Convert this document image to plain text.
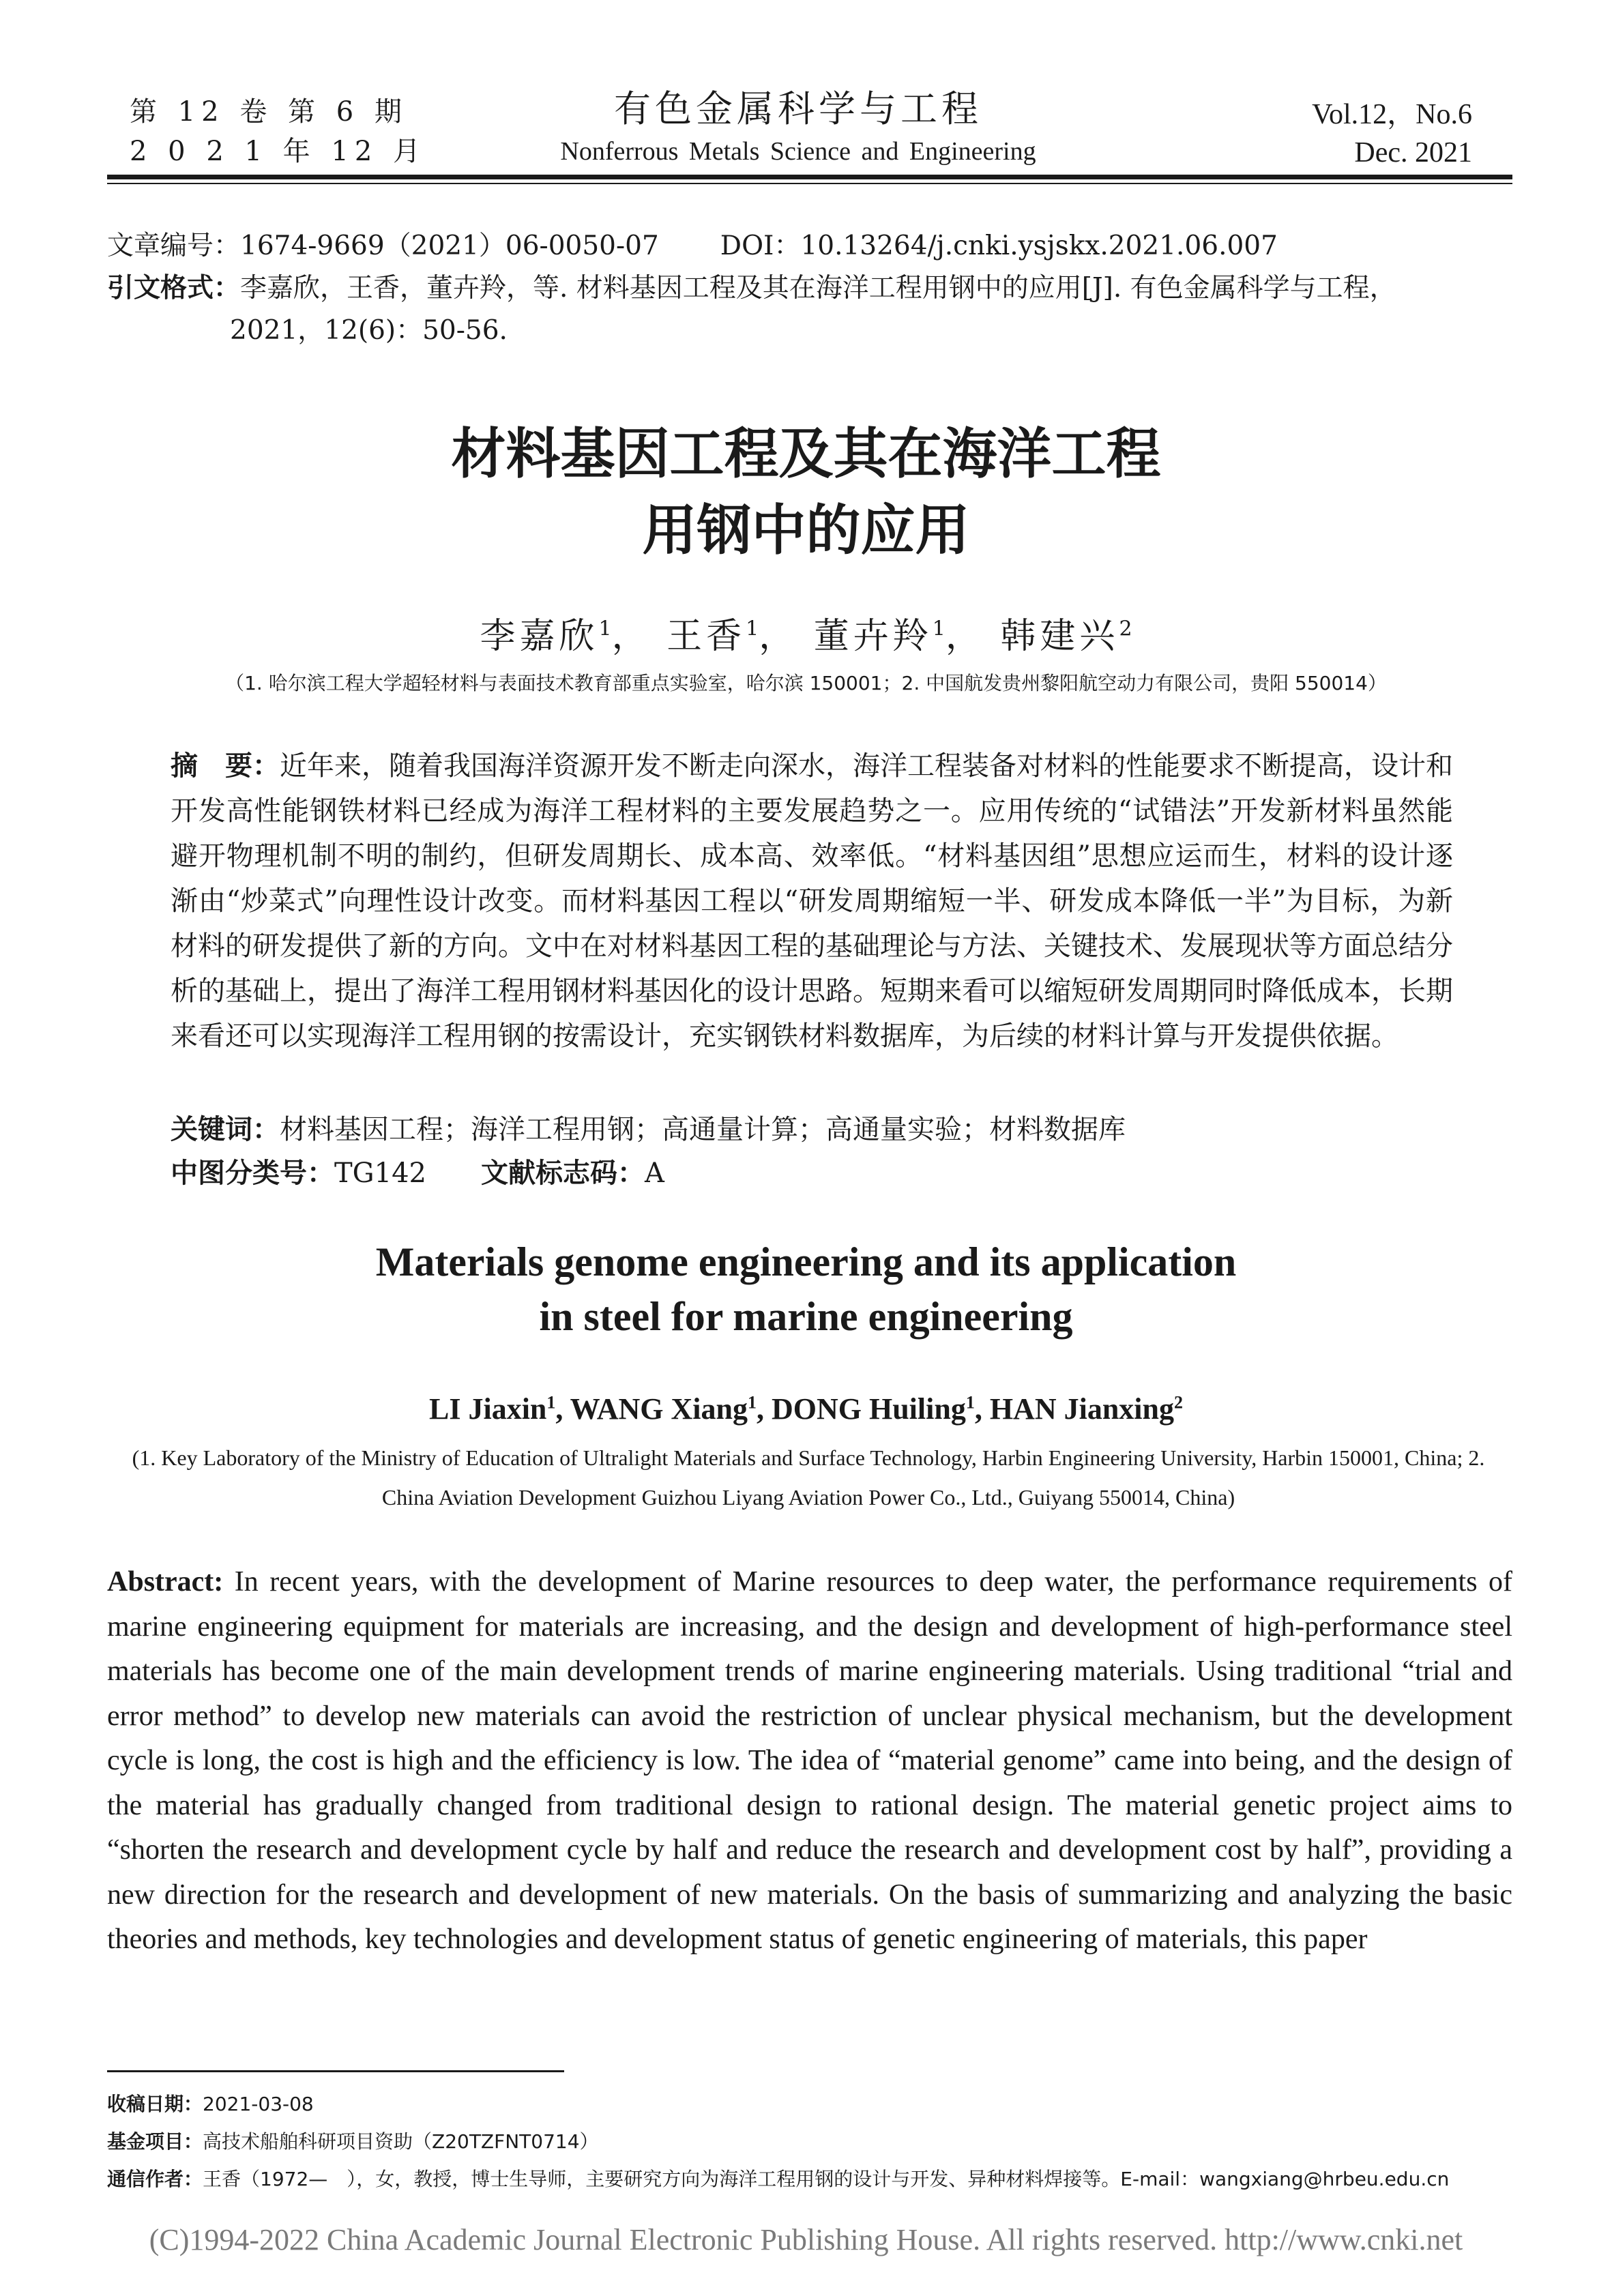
第 12 卷 第 6 期
2 0 2 1 年 12 月
有色金属科学与工程
Nonferrous Metals Science and Engineering
Vol.12，No.6
Dec. 2021
文章编号：1674-9669（2021）06-0050-07 DOI：10.13264/j.cnki.ysjskx.2021.06.007
引文格式：李嘉欣，王香，董卉羚，等. 材料基因工程及其在海洋工程用钢中的应用[J]. 有色金属科学与工程，
2021，12(6)：50-56.
材料基因工程及其在海洋工程
用钢中的应用
李嘉欣$^1$， 王香$^1$， 董卉羚$^1$， 韩建兴$^2$
（1. 哈尔滨工程大学超轻材料与表面技术教育部重点实验室，哈尔滨 150001；2. 中国航发贵州黎阳航空动力有限公司，贵阳 550014）
摘　要：近年来，随着我国海洋资源开发不断走向深水，海洋工程装备对材料的性能要求不断提高，设计和开发高性能钢铁材料已经成为海洋工程材料的主要发展趋势之一。应用传统的“试错法”开发新材料虽然能避开物理机制不明的制约，但研发周期长、成本高、效率低。“材料基因组”思想应运而生，材料的设计逐渐由“炒菜式”向理性设计改变。而材料基因工程以“研发周期缩短一半、研发成本降低一半”为目标，为新材料的研发提供了新的方向。文中在对材料基因工程的基础理论与方法、关键技术、发展现状等方面总结分析的基础上，提出了海洋工程用钢材料基因化的设计思路。短期来看可以缩短研发周期同时降低成本，长期来看还可以实现海洋工程用钢的按需设计，充实钢铁材料数据库，为后续的材料计算与开发提供依据。
关键词：材料基因工程；海洋工程用钢；高通量计算；高通量实验；材料数据库
中图分类号：TG142 文献标志码：A
Materials genome engineering and its application
in steel for marine engineering
LI Jiaxin$^1$, WANG Xiang$^1$, DONG Huiling$^1$, HAN Jianxing$^2$
(1. Key Laboratory of the Ministry of Education of Ultralight Materials and Surface Technology, Harbin Engineering University, Harbin 150001, China; 2. China Aviation Development Guizhou Liyang Aviation Power Co., Ltd., Guiyang 550014, China)
Abstract: In recent years, with the development of Marine resources to deep water, the performance requirements of marine engineering equipment for materials are increasing, and the design and development of high-performance steel materials has become one of the main development trends of marine engineering materials. Using traditional “trial and error method” to develop new materials can avoid the restriction of unclear physical mechanism, but the development cycle is long, the cost is high and the efficiency is low. The idea of “material genome” came into being, and the design of the material has gradually changed from traditional design to rational design. The material genetic project aims to “shorten the research and development cycle by half and reduce the research and development cost by half”, providing a new direction for the research and development of new materials. On the basis of summarizing and analyzing the basic theories and methods, key technologies and development status of genetic engineering of materials, this paper
收稿日期：2021-03-08
基金项目：高技术船舶科研项目资助（Z20TZFNT0714）
通信作者：王香（1972—　），女，教授，博士生导师，主要研究方向为海洋工程用钢的设计与开发、异种材料焊接等。E-mail：wangxiang@hrbeu.edu.cn
(C)1994-2022 China Academic Journal Electronic Publishing House. All rights reserved. http://www.cnki.net
